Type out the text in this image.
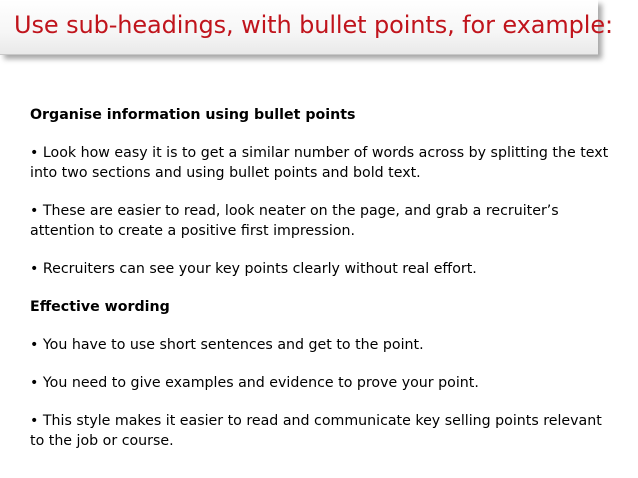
Use sub-headings, with bullet points, for example:

Organise information using bullet points

• Look how easy it is to get a similar number of words across by splitting the text into two sections and using bullet points and bold text.

• These are easier to read, look neater on the page, and grab a recruiter’s attention to create a positive first impression.

• Recruiters can see your key points clearly without real effort.

Effective wording

• You have to use short sentences and get to the point.

• You need to give examples and evidence to prove your point.

• This style makes it easier to read and communicate key selling points relevant to the job or course.
